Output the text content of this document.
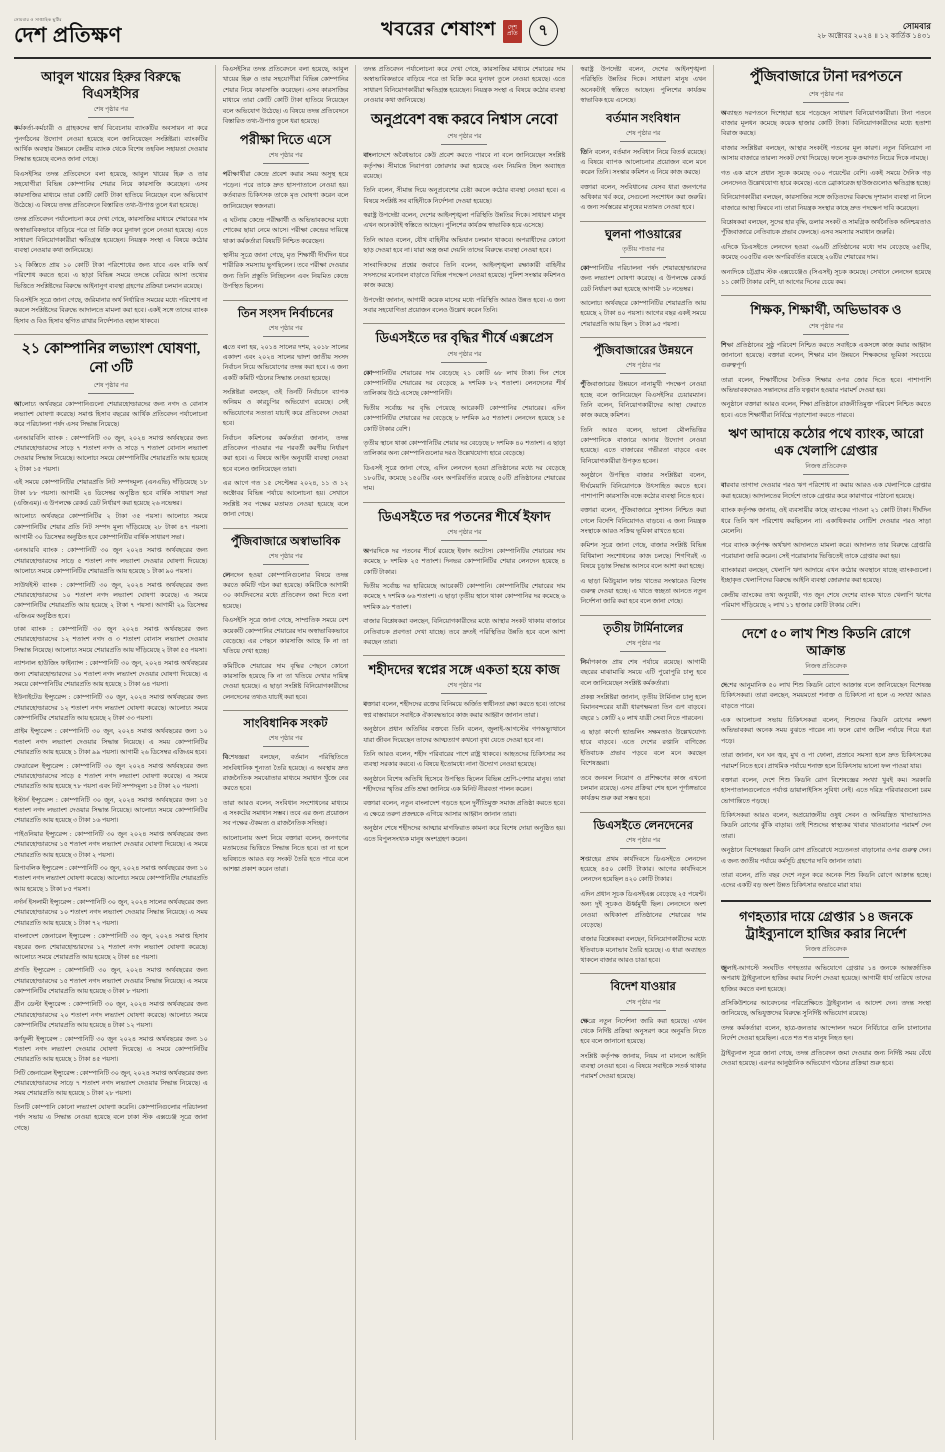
সোমবার ও সাপ্তাহিক ছুটির
দেশ প্রতিক্ষণ	খবরের শেষাংশ	দেশ প্রতি	৭	সোমবার
২৮ অক্টোবর ২০২৪ ॥ ১২ কার্তিক ১৪৩১
আবুল খায়ের হিরুর বিরুদ্ধে বিএসইসির
শেষ পৃষ্ঠার পর

কর্মকর্তা-কর্মচারী ও গ্রাহকদের স্বার্থ বিবেচনায় ব্যাংকটির অবসায়ন না করে পুনর্গঠনের উদ্যোগ নেওয়া হয়েছে বলে জানিয়েছেন সংশ্লিষ্টরা। ব্যাংকটির আর্থিক অবস্থার উন্নয়নে কেন্দ্রীয় ব্যাংক থেকে বিশেষ তহবিল সহায়তা দেওয়ার সিদ্ধান্ত হয়েছে বলেও জানা গেছে।

বিএসইসির তদন্ত প্রতিবেদনে বলা হয়েছে, আবুল খায়ের হিরু ও তার সহযোগীরা বিভিন্ন কোম্পানির শেয়ার নিয়ে কারসাজি করেছেন। এসব কারসাজির মাধ্যমে তারা কোটি কোটি টাকা হাতিয়ে নিয়েছেন বলে অভিযোগ উঠেছে। এ বিষয়ে তদন্ত প্রতিবেদনে বিস্তারিত তথ্য-উপাত্ত তুলে ধরা হয়েছে।

তদন্ত প্রতিবেদন পর্যালোচনা করে দেখা গেছে, কারসাজির মাধ্যমে শেয়ারের দাম অস্বাভাবিকভাবে বাড়িয়ে পরে তা বিক্রি করে মুনাফা তুলে নেওয়া হয়েছে। এতে সাধারণ বিনিয়োগকারীরা ক্ষতিগ্রস্ত হয়েছেন। নিয়ন্ত্রক সংস্থা এ বিষয়ে কঠোর ব্যবস্থা নেওয়ার কথা জানিয়েছে।

১২ কিস্তিতে প্রায় ১০ কোটি টাকা পরিশোধের জন্য যাবে এবং বাকি অর্থ পরিশোধ করতে হবে। এ ছাড়া বিভিন্ন সময়ে তদন্তে বেরিয়ে আসা তথ্যের ভিত্তিতে সংশ্লিষ্টদের বিরুদ্ধে আইনানুগ ব্যবস্থা গ্রহণের প্রক্রিয়া চলমান রয়েছে।

বিএসইসি সূত্রে জানা গেছে, জরিমানার অর্থ নির্ধারিত সময়ের মধ্যে পরিশোধ না করলে সংশ্লিষ্টদের বিরুদ্ধে আদালতে মামলা করা হবে। একই সঙ্গে তাদের ব্যাংক হিসাব ও বিও হিসাব স্থগিত রাখার নির্দেশনাও বহাল থাকবে।

২১ কোম্পানির লভ্যাংশ ঘোষণা, নো ৩টি
শেষ পৃষ্ঠার পর

আলোচ্য অর্থবছরে কোম্পানিগুলো শেয়ারহোল্ডারদের জন্য নগদ ও বোনাস লভ্যাংশ ঘোষণা করেছে। সমাপ্ত হিসাব বছরের আর্থিক প্রতিবেদন পর্যালোচনা করে পরিচালনা পর্ষদ এসব সিদ্ধান্ত নিয়েছে।

এনআরবিসি ব্যাংক : কোম্পানিটি ৩০ জুন, ২০২৪ সমাপ্ত অর্থবছরের জন্য শেয়ারহোল্ডারদের সাড়ে ৭ শতাংশ নগদ ও সাড়ে ৭ শতাংশ বোনাস লভ্যাংশ দেওয়ার সিদ্ধান্ত নিয়েছে। আলোচ্য সময়ে কোম্পানিটির শেয়ারপ্রতি আয় হয়েছে ২ টাকা ১৫ পয়সা।

এই সময়ে কোম্পানিটির শেয়ারপ্রতি নিট সম্পদমূল্য (এনএভি) দাঁড়িয়েছে ১৮ টাকা ৮৮ পয়সা। আগামী ২৪ ডিসেম্বর অনুষ্ঠিত হবে বার্ষিক সাধারণ সভা (এজিএম)। এ উপলক্ষে রেকর্ড ডেট নির্ধারণ করা হয়েছে ২৬ নভেম্বর।

আলোচ্য অর্থবছরে কোম্পানিটির ২ টাকা ৩৫ পয়সা। আলোচ্য সময়ে কোম্পানিটির শেয়ার প্রতি নিট সম্পদ মূল্য দাঁড়িয়েছে ২৮ টাকা ৪৭ পয়সা। আগামী ৩০ ডিসেম্বর অনুষ্ঠিত হবে কোম্পানিটির বার্ষিক সাধারণ সভা।

এনআরবি ব্যাংক : কোম্পানিটি ৩০ জুন ২০২৪ সমাপ্ত অর্থবছরের জন্য শেয়ারহোল্ডারদের সাড়ে ৫ শতাংশ নগদ লভ্যাংশ দেওয়ার ঘোষণা দিয়েছে। আলোচ্য সময়ে কোম্পানিটির শেয়ারপ্রতি আয় হয়েছে ১ টাকা ৯০ পয়সা।

সাউথইস্ট ব্যাংক : কোম্পানিটি ৩০ জুন, ২০২৪ সমাপ্ত অর্থবছরের জন্য শেয়ারহোল্ডারদের ১০ শতাংশ নগদ লভ্যাংশ ঘোষণা করেছে। এ সময়ে কোম্পানিটির শেয়ারপ্রতি আয় হয়েছে ২ টাকা ৭ পয়সা। আগামী ২৯ ডিসেম্বর এজিএম অনুষ্ঠিত হবে।

ঢাকা ব্যাংক : কোম্পানিটি ৩০ জুন ২০২৪ সমাপ্ত অর্থবছরের জন্য শেয়ারহোল্ডারদের ১২ শতাংশ নগদ ও ৩ শতাংশ বোনাস লভ্যাংশ দেওয়ার সিদ্ধান্ত নিয়েছে। আলোচ্য সময়ে শেয়ারপ্রতি আয় দাঁড়িয়েছে ২ টাকা ৫৫ পয়সা।

ন্যাশনাল হাউজিং ফাইন্যান্স : কোম্পানিটি ৩০ জুন, ২০২৪ সমাপ্ত অর্থবছরের জন্য শেয়ারহোল্ডারদের ১০ শতাংশ নগদ লভ্যাংশ দেওয়ার ঘোষণা দিয়েছে। এ সময়ে কোম্পানিটির শেয়ারপ্রতি আয় হয়েছে ১ টাকা ৬৪ পয়সা।

ইউনাইটেড ইন্স্যুরেন্স : কোম্পানিটি ৩০ জুন, ২০২৪ সমাপ্ত অর্থবছরের জন্য শেয়ারহোল্ডারদের ১২ শতাংশ নগদ লভ্যাংশ ঘোষণা করেছে। আলোচ্য সময়ে কোম্পানিটির শেয়ারপ্রতি আয় হয়েছে ২ টাকা ৩৩ পয়সা।

প্রাইম ইন্স্যুরেন্স : কোম্পানিটি ৩০ জুন, ২০২৪ সমাপ্ত অর্থবছরের জন্য ১০ শতাংশ নগদ লভ্যাংশ দেওয়ার সিদ্ধান্ত নিয়েছে। এ সময় কোম্পানিটির শেয়ারপ্রতি আয় হয়েছে ১ টাকা ৯৯ পয়সা। আগামী ২৬ ডিসেম্বর এজিএম হবে।

ফেডারেল ইন্স্যুরেন্স : কোম্পানিটি ৩০ জুন ২০২৪ সমাপ্ত অর্থবছরের জন্য শেয়ারহোল্ডারদের সাড়ে ৫ শতাংশ নগদ লভ্যাংশ ঘোষণা করেছে। এ সময়ে শেয়ারপ্রতি আয় হয়েছে ৭৮ পয়সা এবং নিট সম্পদমূল্য ১৫ টাকা ২০ পয়সা।

ইস্টার্ন ইন্স্যুরেন্স : কোম্পানিটি ৩০ জুন, ২০২৪ সমাপ্ত অর্থবছরের জন্য ১৫ শতাংশ নগদ লভ্যাংশ দেওয়ার সিদ্ধান্ত নিয়েছে। আলোচ্য সময়ে কোম্পানিটির শেয়ারপ্রতি আয় হয়েছে ৩ টাকা ১৬ পয়সা।

পাইওনিয়ার ইন্স্যুরেন্স : কোম্পানিটি ৩০ জুন ২০২৪ সমাপ্ত অর্থবছরের জন্য শেয়ারহোল্ডারদের ১৫ শতাংশ নগদ লভ্যাংশ দেওয়ার ঘোষণা দিয়েছে। এ সময়ে শেয়ারপ্রতি আয় হয়েছে ৩ টাকা ২ পয়সা।

রিপাবলিক ইন্স্যুরেন্স : কোম্পানিটি ৩০ জুন, ২০২৪ সমাপ্ত অর্থবছরের জন্য ১০ শতাংশ নগদ লভ্যাংশ ঘোষণা করেছে। আলোচ্য সময়ে কোম্পানিটির শেয়ারপ্রতি আয় হয়েছে ১ টাকা ৮৫ পয়সা।

নর্দার্ন ইসলামী ইন্স্যুরেন্স : কোম্পানিটি ৩০ জুন, ২০২৪ সালের অর্থবছরের জন্য শেয়ারহোল্ডারদের ১০ শতাংশ নগদ লভ্যাংশ দেওয়ার সিদ্ধান্ত নিয়েছে। এ সময় শেয়ারপ্রতি আয় হয়েছে ১ টাকা ৭২ পয়সা।

বাংলাদেশ জেনারেল ইন্স্যুরেন্স : কোম্পানিটি ৩০ জুন, ২০২৪ সমাপ্ত হিসাব বছরের জন্য শেয়ারহোল্ডারদের ১২ শতাংশ নগদ লভ্যাংশ ঘোষণা করেছে। আলোচ্য সময়ে শেয়ারপ্রতি আয় হয়েছে ২ টাকা ৪৫ পয়সা।

প্রগতি ইন্স্যুরেন্স : কোম্পানিটি ৩০ জুন, ২০২৪ সমাপ্ত অর্থবছরের জন্য শেয়ারহোল্ডারদের ১৫ শতাংশ নগদ লভ্যাংশ দেওয়ার সিদ্ধান্ত নিয়েছে। এ সময়ে কোম্পানিটির শেয়ারপ্রতি আয় হয়েছে ৩ টাকা ৮ পয়সা।

গ্রীন ডেল্টা ইন্স্যুরেন্স : কোম্পানিটি ৩০ জুন, ২০২৪ সমাপ্ত অর্থবছরের জন্য শেয়ারহোল্ডারদের ২০ শতাংশ নগদ লভ্যাংশ ঘোষণা করেছে। আলোচ্য সময়ে কোম্পানিটির শেয়ারপ্রতি আয় হয়েছে ৪ টাকা ১২ পয়সা।

কর্ণফুলী ইন্স্যুরেন্স : কোম্পানিটি ৩০ জুন ২০২৪ সমাপ্ত অর্থবছরের জন্য ১০ শতাংশ নগদ লভ্যাংশ দেওয়ার ঘোষণা দিয়েছে। এ সময়ে কোম্পানিটির শেয়ারপ্রতি আয় হয়েছে ১ টাকা ৪৫ পয়সা।

সিটি জেনারেল ইন্স্যুরেন্স : কোম্পানিটি ৩০ জুন, ২০২৪ সমাপ্ত অর্থবছরের জন্য শেয়ারহোল্ডারদের সাড়ে ৭ শতাংশ নগদ লভ্যাংশ দেওয়ার সিদ্ধান্ত নিয়েছে। এ সময় শেয়ারপ্রতি আয় হয়েছে ১ টাকা ২৮ পয়সা।

তিনটি কোম্পানি কোনো লভ্যাংশ ঘোষণা করেনি। কোম্পানিগুলোর পরিচালনা পর্ষদ সভায় এ সিদ্ধান্ত নেওয়া হয়েছে বলে ঢাকা স্টক এক্সচেঞ্জ সূত্রে জানা গেছে।

বিএসইসির তদন্ত প্রতিবেদনে বলা হয়েছে, আবুল খায়ের হিরু ও তার সহযোগীরা বিভিন্ন কোম্পানির শেয়ার নিয়ে কারসাজি করেছেন। এসব কারসাজির মাধ্যমে তারা কোটি কোটি টাকা হাতিয়ে নিয়েছেন বলে অভিযোগ উঠেছে। এ বিষয়ে তদন্ত প্রতিবেদনে বিস্তারিত তথ্য-উপাত্ত তুলে ধরা হয়েছে।

পরীক্ষা দিতে এসে
শেষ পৃষ্ঠার পর

পরীক্ষার্থীরা কেন্দ্রে প্রবেশ করার সময় অসুস্থ হয়ে পড়েন। পরে তাকে দ্রুত হাসপাতালে নেওয়া হয়। কর্তব্যরত চিকিৎসক তাকে মৃত ঘোষণা করেন বলে জানিয়েছেন স্বজনরা।

এ ঘটনায় কেন্দ্রে পরীক্ষার্থী ও অভিভাবকদের মধ্যে শোকের ছায়া নেমে আসে। পরীক্ষা কেন্দ্রের দায়িত্বে থাকা কর্মকর্তারা বিষয়টি নিশ্চিত করেছেন।

স্থানীয় সূত্রে জানা গেছে, মৃত শিক্ষার্থী দীর্ঘদিন ধরে শারীরিক সমস্যায় ভুগছিলেন। তবে পরীক্ষা দেওয়ার জন্য তিনি প্রস্তুতি নিচ্ছিলেন এবং নিয়মিত কেন্দ্রে উপস্থিত ছিলেন।

তিন সংসদ নির্বাচনের
শেষ পৃষ্ঠার পর

এতে বলা হয়, ২০১৪ সালের দশম, ২০১৮ সালের একাদশ এবং ২০২৪ সালের দ্বাদশ জাতীয় সংসদ নির্বাচন নিয়ে অভিযোগের তদন্ত করা হবে। এ জন্য একটি কমিটি গঠনের সিদ্ধান্ত নেওয়া হয়েছে।

সংশ্লিষ্টরা বলছেন, ওই তিনটি নির্বাচনে ব্যাপক অনিয়ম ও কারচুপির অভিযোগ রয়েছে। সেই অভিযোগের সত্যতা যাচাই করে প্রতিবেদন দেওয়া হবে।

নির্বাচন কমিশনের কর্মকর্তারা জানান, তদন্ত প্রতিবেদন পাওয়ার পর পরবর্তী করণীয় নির্ধারণ করা হবে। এ বিষয়ে আইন অনুযায়ী ব্যবস্থা নেওয়া হবে বলেও জানিয়েছেন তারা।

এর আগে গত ১৫ সেপ্টেম্বর ২০২৪, ১১ ও ১২ অক্টোবর বিভিন্ন পর্যায়ে আলোচনা হয়। সেখানে সংশ্লিষ্ট সব পক্ষের মতামত নেওয়া হয়েছে বলে জানা গেছে।

পুঁজিবাজারে অস্বাভাবিক
শেষ পৃষ্ঠার পর

লেনদেন হওয়া কোম্পানিগুলোর বিষয়ে তদন্ত করতে কমিটি গঠন করা হয়েছে। কমিটিকে আগামী ৩০ কার্যদিবসের মধ্যে প্রতিবেদন জমা দিতে বলা হয়েছে।

বিএসইসি সূত্রে জানা গেছে, সাম্প্রতিক সময়ে বেশ কয়েকটি কোম্পানির শেয়ারের দাম অস্বাভাবিকভাবে বেড়েছে। এর পেছনে কারসাজি আছে কি না তা খতিয়ে দেখা হচ্ছে।

কমিটিকে শেয়ারের দাম বৃদ্ধির পেছনে কোনো কারসাজি হয়েছে কি না তা খতিয়ে দেখার দায়িত্ব দেওয়া হয়েছে। এ ছাড়া সংশ্লিষ্ট বিনিয়োগকারীদের লেনদেনের তথ্যও যাচাই করা হবে।

সাংবিধানিক সংকট
শেষ পৃষ্ঠার পর

বিশেষজ্ঞরা বলছেন, বর্তমান পরিস্থিতিতে সাংবিধানিক শূন্যতা তৈরি হয়েছে। এ অবস্থায় দ্রুত রাজনৈতিক সমঝোতার মাধ্যমে সমাধান খুঁজে বের করতে হবে।

তারা আরও বলেন, সংবিধান সংশোধনের মাধ্যমে এ সংকটের সমাধান সম্ভব। তবে এর জন্য প্রয়োজন সব পক্ষের ঐকমত্য ও রাজনৈতিক সদিচ্ছা।

আলোচনায় অংশ নিয়ে বক্তারা বলেন, জনগণের মতামতের ভিত্তিতে সিদ্ধান্ত নিতে হবে। তা না হলে ভবিষ্যতে আরও বড় সংকট তৈরি হতে পারে বলে আশঙ্কা প্রকাশ করেন তারা।

তদন্ত প্রতিবেদন পর্যালোচনা করে দেখা গেছে, কারসাজির মাধ্যমে শেয়ারের দাম অস্বাভাবিকভাবে বাড়িয়ে পরে তা বিক্রি করে মুনাফা তুলে নেওয়া হয়েছে। এতে সাধারণ বিনিয়োগকারীরা ক্ষতিগ্রস্ত হয়েছেন। নিয়ন্ত্রক সংস্থা এ বিষয়ে কঠোর ব্যবস্থা নেওয়ার কথা জানিয়েছে।

অনুপ্রবেশ বন্ধ করবে নিশ্বাস নেবো
শেষ পৃষ্ঠার পর

বাংলাদেশে অবৈধভাবে কেউ প্রবেশ করতে পারবে না বলে জানিয়েছেন সংশ্লিষ্ট কর্তৃপক্ষ। সীমান্তে নিরাপত্তা জোরদার করা হয়েছে এবং নিয়মিত টহল অব্যাহত রয়েছে।

তিনি বলেন, সীমান্ত দিয়ে অনুপ্রবেশের চেষ্টা করলে কঠোর ব্যবস্থা নেওয়া হবে। এ বিষয়ে সংশ্লিষ্ট সব বাহিনীকে নির্দেশনা দেওয়া হয়েছে।

স্বরাষ্ট্র উপদেষ্টা বলেন, দেশের আইনশৃঙ্খলা পরিস্থিতি উন্নতির দিকে। সাধারণ মানুষ এখন অনেকটাই স্বস্তিতে আছেন। পুলিশের কার্যক্রম স্বাভাবিক হয়ে এসেছে।

তিনি আরও বলেন, যৌথ বাহিনীর অভিযান চলমান থাকবে। অপরাধীদের কোনো ছাড় দেওয়া হবে না। যারা অস্ত্র জমা দেয়নি তাদের বিরুদ্ধে ব্যবস্থা নেওয়া হবে।

সাংবাদিকদের প্রশ্নের জবাবে তিনি বলেন, আইনশৃঙ্খলা রক্ষাকারী বাহিনীর সদস্যদের মনোবল বাড়াতে বিভিন্ন পদক্ষেপ নেওয়া হয়েছে। পুলিশ সংস্কার কমিশনও কাজ করছে।

উপদেষ্টা জানান, আগামী কয়েক মাসের মধ্যে পরিস্থিতি আরও উন্নত হবে। এ জন্য সবার সহযোগিতা প্রয়োজন বলেও উল্লেখ করেন তিনি।

ডিএসইতে দর বৃদ্ধির শীর্ষে এক্সপ্রেস
শেষ পৃষ্ঠার পর

কোম্পানিটির শেয়ারের দাম বেড়েছে ২১ কোটি ৬৮ লাখ টাকা। দিন শেষে কোম্পানিটির শেয়ারের দর বেড়েছে ৯ দশমিক ৮২ শতাংশ। লেনদেনের শীর্ষ তালিকায় উঠে এসেছে কোম্পানিটি।

দ্বিতীয় সর্বোচ্চ দর বৃদ্ধি পেয়েছে আরেকটি কোম্পানির শেয়ারের। এদিন কোম্পানিটির শেয়ারের দর বেড়েছে ৮ দশমিক ৯৫ শতাংশ। লেনদেন হয়েছে ১৫ কোটি টাকার বেশি।

তৃতীয় স্থানে থাকা কোম্পানিটির শেয়ার দর বেড়েছে ৮ দশমিক ৪০ শতাংশ। এ ছাড়া তালিকার অন্য কোম্পানিগুলোর দরও উল্লেখযোগ্য হারে বেড়েছে।

ডিএসই সূত্রে জানা গেছে, এদিন লেনদেন হওয়া প্রতিষ্ঠানের মধ্যে দর বেড়েছে ১৮০টির, কমেছে ১৫০টির এবং অপরিবর্তিত রয়েছে ৫০টি প্রতিষ্ঠানের শেয়ারের দাম।

ডিএসইতে দর পতনের শীর্ষে ইফাদ
শেষ পৃষ্ঠার পর

অপরদিকে দর পতনের শীর্ষে রয়েছে ইফাদ অটোস। কোম্পানিটির শেয়ারের দাম কমেছে ৮ দশমিক ২৫ শতাংশ। দিনভর কোম্পানিটির শেয়ার লেনদেন হয়েছে ৪ কোটি টাকার।

দ্বিতীয় সর্বোচ্চ দর হারিয়েছে আরেকটি কোম্পানি। কোম্পানিটির শেয়ারের দাম কমেছে ৭ দশমিক ৬৬ শতাংশ। এ ছাড়া তৃতীয় স্থানে থাকা কোম্পানির দর কমেছে ৬ দশমিক ৯৮ শতাংশ।

বাজার বিশ্লেষকরা বলছেন, বিনিয়োগকারীদের মধ্যে আস্থার সংকট থাকায় বাজারে নেতিবাচক প্রবণতা দেখা যাচ্ছে। তবে দ্রুতই পরিস্থিতির উন্নতি হবে বলে আশা করছেন তারা।

শহীদদের স্বপ্নের সঙ্গে একতা হয়ে কাজ
শেষ পৃষ্ঠার পর

বক্তারা বলেন, শহীদদের রক্তের বিনিময়ে অর্জিত স্বাধীনতা রক্ষা করতে হবে। তাদের স্বপ্ন বাস্তবায়নে সবাইকে ঐক্যবদ্ধভাবে কাজ করার আহ্বান জানান তারা।

অনুষ্ঠানে প্রধান অতিথির বক্তব্যে তিনি বলেন, জুলাই-আগস্টের গণঅভ্যুত্থানে যারা জীবন দিয়েছেন তাদের আত্মত্যাগ কখনো বৃথা যেতে দেওয়া হবে না।

তিনি আরও বলেন, শহীদ পরিবারের পাশে রাষ্ট্র থাকবে। আহতদের চিকিৎসার সব ব্যবস্থা সরকার করবে। এ বিষয়ে ইতোমধ্যে নানা উদ্যোগ নেওয়া হয়েছে।

অনুষ্ঠানে বিশেষ অতিথি হিসেবে উপস্থিত ছিলেন বিভিন্ন শ্রেণি-পেশার মানুষ। তারা শহীদদের স্মৃতির প্রতি শ্রদ্ধা জানিয়ে এক মিনিট নীরবতা পালন করেন।

বক্তারা বলেন, নতুন বাংলাদেশ গড়তে হলে দুর্নীতিমুক্ত সমাজ প্রতিষ্ঠা করতে হবে। এ ক্ষেত্রে তরুণ প্রজন্মকে এগিয়ে আসার আহ্বান জানান তারা।

অনুষ্ঠান শেষে শহীদদের আত্মার মাগফিরাত কামনা করে বিশেষ দোয়া অনুষ্ঠিত হয়। এতে বিপুলসংখ্যক মানুষ অংশগ্রহণ করেন।

স্বরাষ্ট্র উপদেষ্টা বলেন, দেশের আইনশৃঙ্খলা পরিস্থিতি উন্নতির দিকে। সাধারণ মানুষ এখন অনেকটাই স্বস্তিতে আছেন। পুলিশের কার্যক্রম স্বাভাবিক হয়ে এসেছে।

বর্তমান সংবিধান
শেষ পৃষ্ঠার পর

তিনি বলেন, বর্তমান সংবিধান নিয়ে বিতর্ক রয়েছে। এ বিষয়ে ব্যাপক আলোচনার প্রয়োজন বলে মনে করেন তিনি। সংস্কার কমিশন এ নিয়ে কাজ করছে।

বক্তারা বলেন, সংবিধানের যেসব ধারা জনগণের অধিকার খর্ব করে, সেগুলো সংশোধন করা জরুরি। এ জন্য সর্বস্তরের মানুষের মতামত নেওয়া হবে।

ঘুলনা পাওয়ারের
তৃতীয় পাতার পর

কোম্পানিটির পরিচালনা পর্ষদ শেয়ারহোল্ডারদের জন্য লভ্যাংশ ঘোষণা করেছে। এ উপলক্ষে রেকর্ড ডেট নির্ধারণ করা হয়েছে আগামী ১৮ নভেম্বর।

আলোচ্য অর্থবছরে কোম্পানিটির শেয়ারপ্রতি আয় হয়েছে ২ টাকা ৪০ পয়সা। আগের বছর একই সময়ে শেয়ারপ্রতি আয় ছিল ১ টাকা ৯৫ পয়সা।

পুঁজিবাজারের উন্নয়নে
শেষ পৃষ্ঠার পর

পুঁজিবাজারের উন্নয়নে নানামুখী পদক্ষেপ নেওয়া হচ্ছে বলে জানিয়েছেন বিএসইসির চেয়ারম্যান। তিনি বলেন, বিনিয়োগকারীদের আস্থা ফেরাতে কাজ করছে কমিশন।

তিনি আরও বলেন, ভালো মৌলভিত্তির কোম্পানিকে বাজারে আনার উদ্যোগ নেওয়া হয়েছে। এতে বাজারের গভীরতা বাড়বে এবং বিনিয়োগকারীরা উপকৃত হবেন।

অনুষ্ঠানে উপস্থিত বাজার সংশ্লিষ্টরা বলেন, দীর্ঘমেয়াদি বিনিয়োগকে উৎসাহিত করতে হবে। পাশাপাশি কারসাজি বন্ধে কঠোর ব্যবস্থা নিতে হবে।

বক্তারা বলেন, পুঁজিবাজারে সুশাসন নিশ্চিত করা গেলে বিদেশি বিনিয়োগও বাড়বে। এ জন্য নিয়ন্ত্রক সংস্থাকে আরও সক্রিয় ভূমিকা রাখতে হবে।

কমিশন সূত্রে জানা গেছে, বাজার সংশ্লিষ্ট বিভিন্ন বিধিমালা সংশোধনের কাজ চলছে। শিগগিরই এ বিষয়ে চূড়ান্ত সিদ্ধান্ত আসবে বলে আশা করা হচ্ছে।

এ ছাড়া মিউচুয়াল ফান্ড খাতের সংস্কারেও বিশেষ গুরুত্ব দেওয়া হচ্ছে। এ খাতে স্বচ্ছতা আনতে নতুন নির্দেশনা জারি করা হবে বলে জানা গেছে।

তৃতীয় টার্মিনালের
শেষ পৃষ্ঠার পর

নির্মাণকাজ প্রায় শেষ পর্যায়ে রয়েছে। আগামী বছরের মাঝামাঝি সময়ে এটি পুরোপুরি চালু হবে বলে জানিয়েছেন সংশ্লিষ্ট কর্মকর্তারা।

প্রকল্প সংশ্লিষ্টরা জানান, তৃতীয় টার্মিনাল চালু হলে বিমানবন্দরের যাত্রী ধারণক্ষমতা তিন গুণ বাড়বে। বছরে ১ কোটি ২০ লাখ যাত্রী সেবা নিতে পারবেন।

এ ছাড়া কার্গো হ্যান্ডলিং সক্ষমতাও উল্লেখযোগ্য হারে বাড়বে। এতে দেশের রপ্তানি বাণিজ্যে ইতিবাচক প্রভাব পড়বে বলে মনে করছেন বিশেষজ্ঞরা।

তবে জনবল নিয়োগ ও প্রশিক্ষণের কাজ এখনো চলমান রয়েছে। এসব প্রক্রিয়া শেষ হলে পূর্ণাঙ্গভাবে কার্যক্রম শুরু করা সম্ভব হবে।

ডিএসইতে লেনদেনের
শেষ পৃষ্ঠার পর

সপ্তাহের প্রথম কার্যদিবসে ডিএসইতে লেনদেন হয়েছে ৪৫০ কোটি টাকার। আগের কার্যদিবসে লেনদেন হয়েছিল ৪২০ কোটি টাকার।

এদিন প্রধান সূচক ডিএসইএক্স বেড়েছে ২৫ পয়েন্ট। অন্য দুই সূচকও ঊর্ধ্বমুখী ছিল। লেনদেনে অংশ নেওয়া অধিকাংশ প্রতিষ্ঠানের শেয়ারের দাম বেড়েছে।

বাজার বিশ্লেষকরা বলছেন, বিনিয়োগকারীদের মধ্যে ইতিবাচক মনোভাব তৈরি হয়েছে। এ ধারা অব্যাহত থাকলে বাজার আরও চাঙা হবে।

বিদেশ যাওয়ার
শেষ পৃষ্ঠার পর

ক্ষেত্রে নতুন নির্দেশনা জারি করা হয়েছে। এখন থেকে নির্দিষ্ট প্রক্রিয়া অনুসরণ করে অনুমতি নিতে হবে বলে জানানো হয়েছে।

সংশ্লিষ্ট কর্তৃপক্ষ জানায়, নিয়ম না মানলে আইনি ব্যবস্থা নেওয়া হবে। এ বিষয়ে সবাইকে সতর্ক থাকার পরামর্শ দেওয়া হয়েছে।

পুঁজিবাজারে টানা দরপতনে
শেষ পৃষ্ঠার পর

অব্যাহত দরপতনে দিশেহারা হয়ে পড়েছেন সাধারণ বিনিয়োগকারীরা। টানা পতনে বাজার মূলধন কমেছে কয়েক হাজার কোটি টাকা। বিনিয়োগকারীদের মধ্যে হতাশা বিরাজ করছে।

বাজার সংশ্লিষ্টরা বলছেন, আস্থার সংকটই পতনের মূল কারণ। নতুন বিনিয়োগ না আসায় বাজারে তারল্য সংকট দেখা দিয়েছে। ফলে সূচক ক্রমাগত নিচের দিকে নামছে।

গত এক মাসে প্রধান সূচক কমেছে ৩০০ পয়েন্টের বেশি। একই সময়ে দৈনিক গড় লেনদেনও উল্লেখযোগ্য হারে কমেছে। এতে ব্রোকারেজ হাউজগুলোও ক্ষতিগ্রস্ত হচ্ছে।

বিনিয়োগকারীরা বলছেন, কারসাজির সঙ্গে জড়িতদের বিরুদ্ধে দৃশ্যমান ব্যবস্থা না নিলে বাজারে আস্থা ফিরবে না। তারা নিয়ন্ত্রক সংস্থার কাছে দ্রুত পদক্ষেপ দাবি করেছেন।

বিশ্লেষকরা বলছেন, সুদের হার বৃদ্ধি, ডলার সংকট ও সামগ্রিক অর্থনৈতিক অনিশ্চয়তাও পুঁজিবাজারে নেতিবাচক প্রভাব ফেলছে। এসব সমস্যার সমাধান জরুরি।

এদিকে ডিএসইতে লেনদেন হওয়া ৩৯৬টি প্রতিষ্ঠানের মধ্যে দাম বেড়েছে ৬৫টির, কমেছে ৩০৫টির এবং অপরিবর্তিত রয়েছে ২৬টির শেয়ারের দাম।

অন্যদিকে চট্টগ্রাম স্টক এক্সচেঞ্জেও (সিএসই) সূচক কমেছে। সেখানে লেনদেন হয়েছে ১১ কোটি টাকার বেশি, যা আগের দিনের চেয়ে কম।

শিক্ষক, শিক্ষার্থী, অভিভাবক ও
শেষ পৃষ্ঠার পর

শিক্ষা প্রতিষ্ঠানের সুষ্ঠু পরিবেশ নিশ্চিত করতে সবাইকে একসঙ্গে কাজ করার আহ্বান জানানো হয়েছে। বক্তারা বলেন, শিক্ষার মান উন্নয়নে শিক্ষকদের ভূমিকা সবচেয়ে গুরুত্বপূর্ণ।

তারা বলেন, শিক্ষার্থীদের নৈতিক শিক্ষার ওপর জোর দিতে হবে। পাশাপাশি অভিভাবকদেরও সন্তানদের প্রতি যত্নবান হওয়ার পরামর্শ দেওয়া হয়।

অনুষ্ঠানে বক্তারা আরও বলেন, শিক্ষা প্রতিষ্ঠানে রাজনীতিমুক্ত পরিবেশ নিশ্চিত করতে হবে। এতে শিক্ষার্থীরা নির্বিঘ্নে পড়াশোনা করতে পারবে।

ঋণ আদায়ে কঠোর পথে ব্যাংক, আরো এক খেলাপি গ্রেপ্তার
নিজস্ব প্রতিবেদক

বারবার তাগাদা দেওয়ার পরও ঋণ পরিশোধ না করায় আরও এক খেলাপিকে গ্রেপ্তার করা হয়েছে। আদালতের নির্দেশে তাকে গ্রেপ্তার করে কারাগারে পাঠানো হয়েছে।

ব্যাংক কর্তৃপক্ষ জানায়, ওই ব্যবসায়ীর কাছে ব্যাংকের পাওনা ২১ কোটি টাকা। দীর্ঘদিন ধরে তিনি ঋণ পরিশোধ করছিলেন না। একাধিকবার নোটিশ দেওয়ার পরও সাড়া মেলেনি।

পরে ব্যাংক কর্তৃপক্ষ অর্থঋণ আদালতে মামলা করে। আদালত তার বিরুদ্ধে গ্রেপ্তারি পরোয়ানা জারি করেন। সেই পরোয়ানার ভিত্তিতেই তাকে গ্রেপ্তার করা হয়।

ব্যাংকাররা বলছেন, খেলাপি ঋণ আদায়ে এখন কঠোর অবস্থানে যাচ্ছে ব্যাংকগুলো। ইচ্ছাকৃত খেলাপিদের বিরুদ্ধে আইনি ব্যবস্থা জোরদার করা হয়েছে।

কেন্দ্রীয় ব্যাংকের তথ্য অনুযায়ী, গত জুন শেষে দেশের ব্যাংক খাতে খেলাপি ঋণের পরিমাণ দাঁড়িয়েছে ২ লাখ ১১ হাজার কোটি টাকার বেশি।

দেশে ৫০ লাখ শিশু কিডনি রোগে আক্রান্ত
নিজস্ব প্রতিবেদক

দেশের আনুমানিক ৫০ লাখ শিশু কিডনি রোগে আক্রান্ত বলে জানিয়েছেন বিশেষজ্ঞ চিকিৎসকরা। তারা বলছেন, সময়মতো শনাক্ত ও চিকিৎসা না হলে এ সংখ্যা আরও বাড়তে পারে।

এক আলোচনা সভায় চিকিৎসকরা বলেন, শিশুদের কিডনি রোগের লক্ষণ অভিভাবকরা অনেক সময় বুঝতে পারেন না। ফলে রোগ জটিল পর্যায়ে গিয়ে ধরা পড়ে।

তারা জানান, ঘন ঘন জ্বর, মুখ ও পা ফোলা, প্রস্রাবে সমস্যা হলে দ্রুত চিকিৎসকের পরামর্শ নিতে হবে। প্রাথমিক পর্যায়ে শনাক্ত হলে চিকিৎসায় ভালো ফল পাওয়া যায়।

বক্তারা বলেন, দেশে শিশু কিডনি রোগ বিশেষজ্ঞের সংখ্যা খুবই কম। সরকারি হাসপাতালগুলোতে পর্যাপ্ত ডায়ালাইসিস সুবিধা নেই। এতে দরিদ্র পরিবারগুলো চরম ভোগান্তিতে পড়ছে।

চিকিৎসকরা আরও বলেন, অপ্রয়োজনীয় ওষুধ সেবন ও অনিয়ন্ত্রিত খাদ্যাভ্যাসও কিডনি রোগের ঝুঁকি বাড়ায়। তাই শিশুদের স্বাস্থ্যকর খাবার খাওয়ানোর পরামর্শ দেন তারা।

অনুষ্ঠানে বিশেষজ্ঞরা কিডনি রোগ প্রতিরোধে সচেতনতা বাড়ানোর ওপর গুরুত্ব দেন। এ জন্য জাতীয় পর্যায়ে কর্মসূচি গ্রহণের দাবি জানান তারা।

তারা বলেন, প্রতি বছর দেশে নতুন করে অনেক শিশু কিডনি রোগে আক্রান্ত হচ্ছে। এদের একটি বড় অংশ উন্নত চিকিৎসার অভাবে মারা যায়।

গণহত্যার দায়ে গ্রেপ্তার ১৪ জনকে ট্রাইব্যুনালে হাজির করার নির্দেশ
নিজস্ব প্রতিবেদক

জুলাই-আগস্টে সংঘটিত গণহত্যার অভিযোগে গ্রেপ্তার ১৪ জনকে আন্তর্জাতিক অপরাধ ট্রাইব্যুনালে হাজির করার নির্দেশ দেওয়া হয়েছে। আগামী ধার্য তারিখে তাদের হাজির করতে বলা হয়েছে।

প্রসিকিউশনের আবেদনের পরিপ্রেক্ষিতে ট্রাইব্যুনাল এ আদেশ দেন। তদন্ত সংস্থা জানিয়েছে, অভিযুক্তদের বিরুদ্ধে সুনির্দিষ্ট অভিযোগ রয়েছে।

তদন্ত কর্মকর্তারা বলেন, ছাত্র-জনতার আন্দোলন দমনে নির্বিচারে গুলি চালানোর নির্দেশ দেওয়া হয়েছিল। এতে শত শত মানুষ নিহত হন।

ট্রাইব্যুনাল সূত্রে জানা গেছে, তদন্ত প্রতিবেদন জমা দেওয়ার জন্য নির্দিষ্ট সময় বেঁধে দেওয়া হয়েছে। এরপর আনুষ্ঠানিক অভিযোগ গঠনের প্রক্রিয়া শুরু হবে।
